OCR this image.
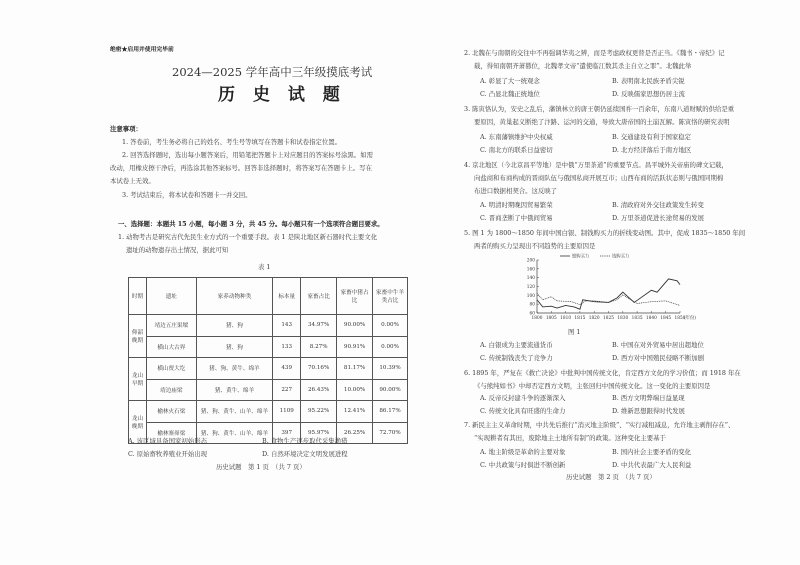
绝密★启用并使用完毕前
2024—2025 学年高中三年级摸底考试
历 史 试 题
注意事项：
1. 答卷前，考生务必将自己的姓名、考生号等填写在答题卡和试卷指定位置。
2. 回答选择题时，选出每小题答案后，用铅笔把答题卡上对应题目的答案标号涂黑。如需
改动，用橡皮擦干净后，再选涂其他答案标号。回答非选择题时，将答案写在答题卡上。写在
本试卷上无效。
3. 考试结束后，将本试卷和答题卡一并交回。
一、选择题：本题共 15 小题，每小题 3 分，共 45 分。每小题只有一个选项符合题目要求。
1. 动物考古是研究古代先民生业方式的一个重要手段。表 1 是陕北地区新石器时代主要文化
遗址的动物遗存出土情况，据此可知
表 1
时期	遗址	家养动物种类	标本量	家畜占比	家畜中猪占比	家畜中牛羊类占比
仰韶晚期	靖边五庄果墚	猪、狗	143	34.97%	90.00%	0.00%
	横山大古界	猪、狗	133	8.27%	90.91%	0.00%
龙山早期	横山贾大圪	猪、狗、黄牛、绵羊	439	70.16%	81.17%	10.39%
	靖边庙梁	猪、黄牛、绵羊	227	26.43%	10.00%	90.00%
龙山晚期	榆林火石梁	猪、狗、黄牛、山羊、绵羊	1109	95.22%	12.41%	86.17%
	榆林寨峁梁	猪、狗、黄牛、山羊、绵羊	397	95.97%	26.25%	72.70%
A. 该区域具备国家初始形态	B. 食物生产逐步取代采集渔猎
C. 原始畜牧养殖业开始出现	D. 自然环境决定文明发展进程
历史试题　第 1 页　（共 7 页）
2. 北魏在与南朝的交往中不再强调华夷之辨，而是考虑政权更替是否正当。《魏书・帝纪》记
载，得知南朝齐萧篡位，北魏孝文帝“遣使临江数其杀主自立之罪”。北魏此举
A. 彰显了大一统观念	B. 表明南北民族矛盾尖锐
C. 凸显北魏正统地位	D. 反映儒家思想仍居主流
3. 陈寅恪认为，安史之乱后，藩镇林立的唐王朝仍延续国祚一百余年，东南八道财赋的供给是重
要原因，黄巢起义断绝了汴路、运河的交通，导致大唐帝国的土崩瓦解。陈寅恪的研究表明
A. 东南藩镇维护中央权威	B. 交通建设有利于国家稳定
C. 南北方的联系日益密切	D. 北方经济落后于南方地区
4. 京北地区（今北京昌平等地）是中俄“万里茶道”的重要节点。昌平城外关帝庙的碑文记载，
向盐商和布商构成的晋商队伍与俄国私商开展互市；山西布商的活跃状态则与俄国同期棉
布进口数据相契合。这反映了
A. 明清时期晚因贸易繁荣	B. 清政府对外交往政策发生转变
C. 晋商垄断了中俄间贸易	D. 万里茶道促进长途贸易的发展
5. 图 1 为 1800～1850 年间中国白银、制钱购买力的折线变动图。其中，促成 1835～1850 年间
两者的购买力呈现出不同趋势的主要原因是
6. 1895 年，严复在《救亡决论》中批判中国传统文化，肯定西方文化的学习价值；而 1918 年在
《与熊纯如书》中却否定西方文明，主张回归中国传统文化。这一变化的主要原因是
A. 反帝反封建斗争的逐渐深入	B. 西方文明弊端日益显现
C. 传统文化具有旺盛的生命力	D. 维新思想跟得时代发展
7. 新民主主义革命时期，中共先后推行“消灭地主阶级”、“实行减租减息，允许地主剥削存在”、
“实现耕者有其田，废除地主土地所有制”的政策。这种变化主要基于
A. 地主阶级是革命的主要对象	B. 国内社会主要矛盾的变化
C. 中共政策与时俱进不断创新	D. 中共代表最广大人民利益
A. 白银成为主要流通货币	B. 中国在对外贸易中居出超地位
C. 传统制钱丧失了竞争力	D. 西方对中国殖民侵略不断加剧
图 1
历史试题　第 2 页　（共 7 页）
1800 1805 1810 1815 1820 1825 1830 1835 1840 1845 1850
(年份)
60
80
100
120
140
160
200
银购买力	钱购买力
